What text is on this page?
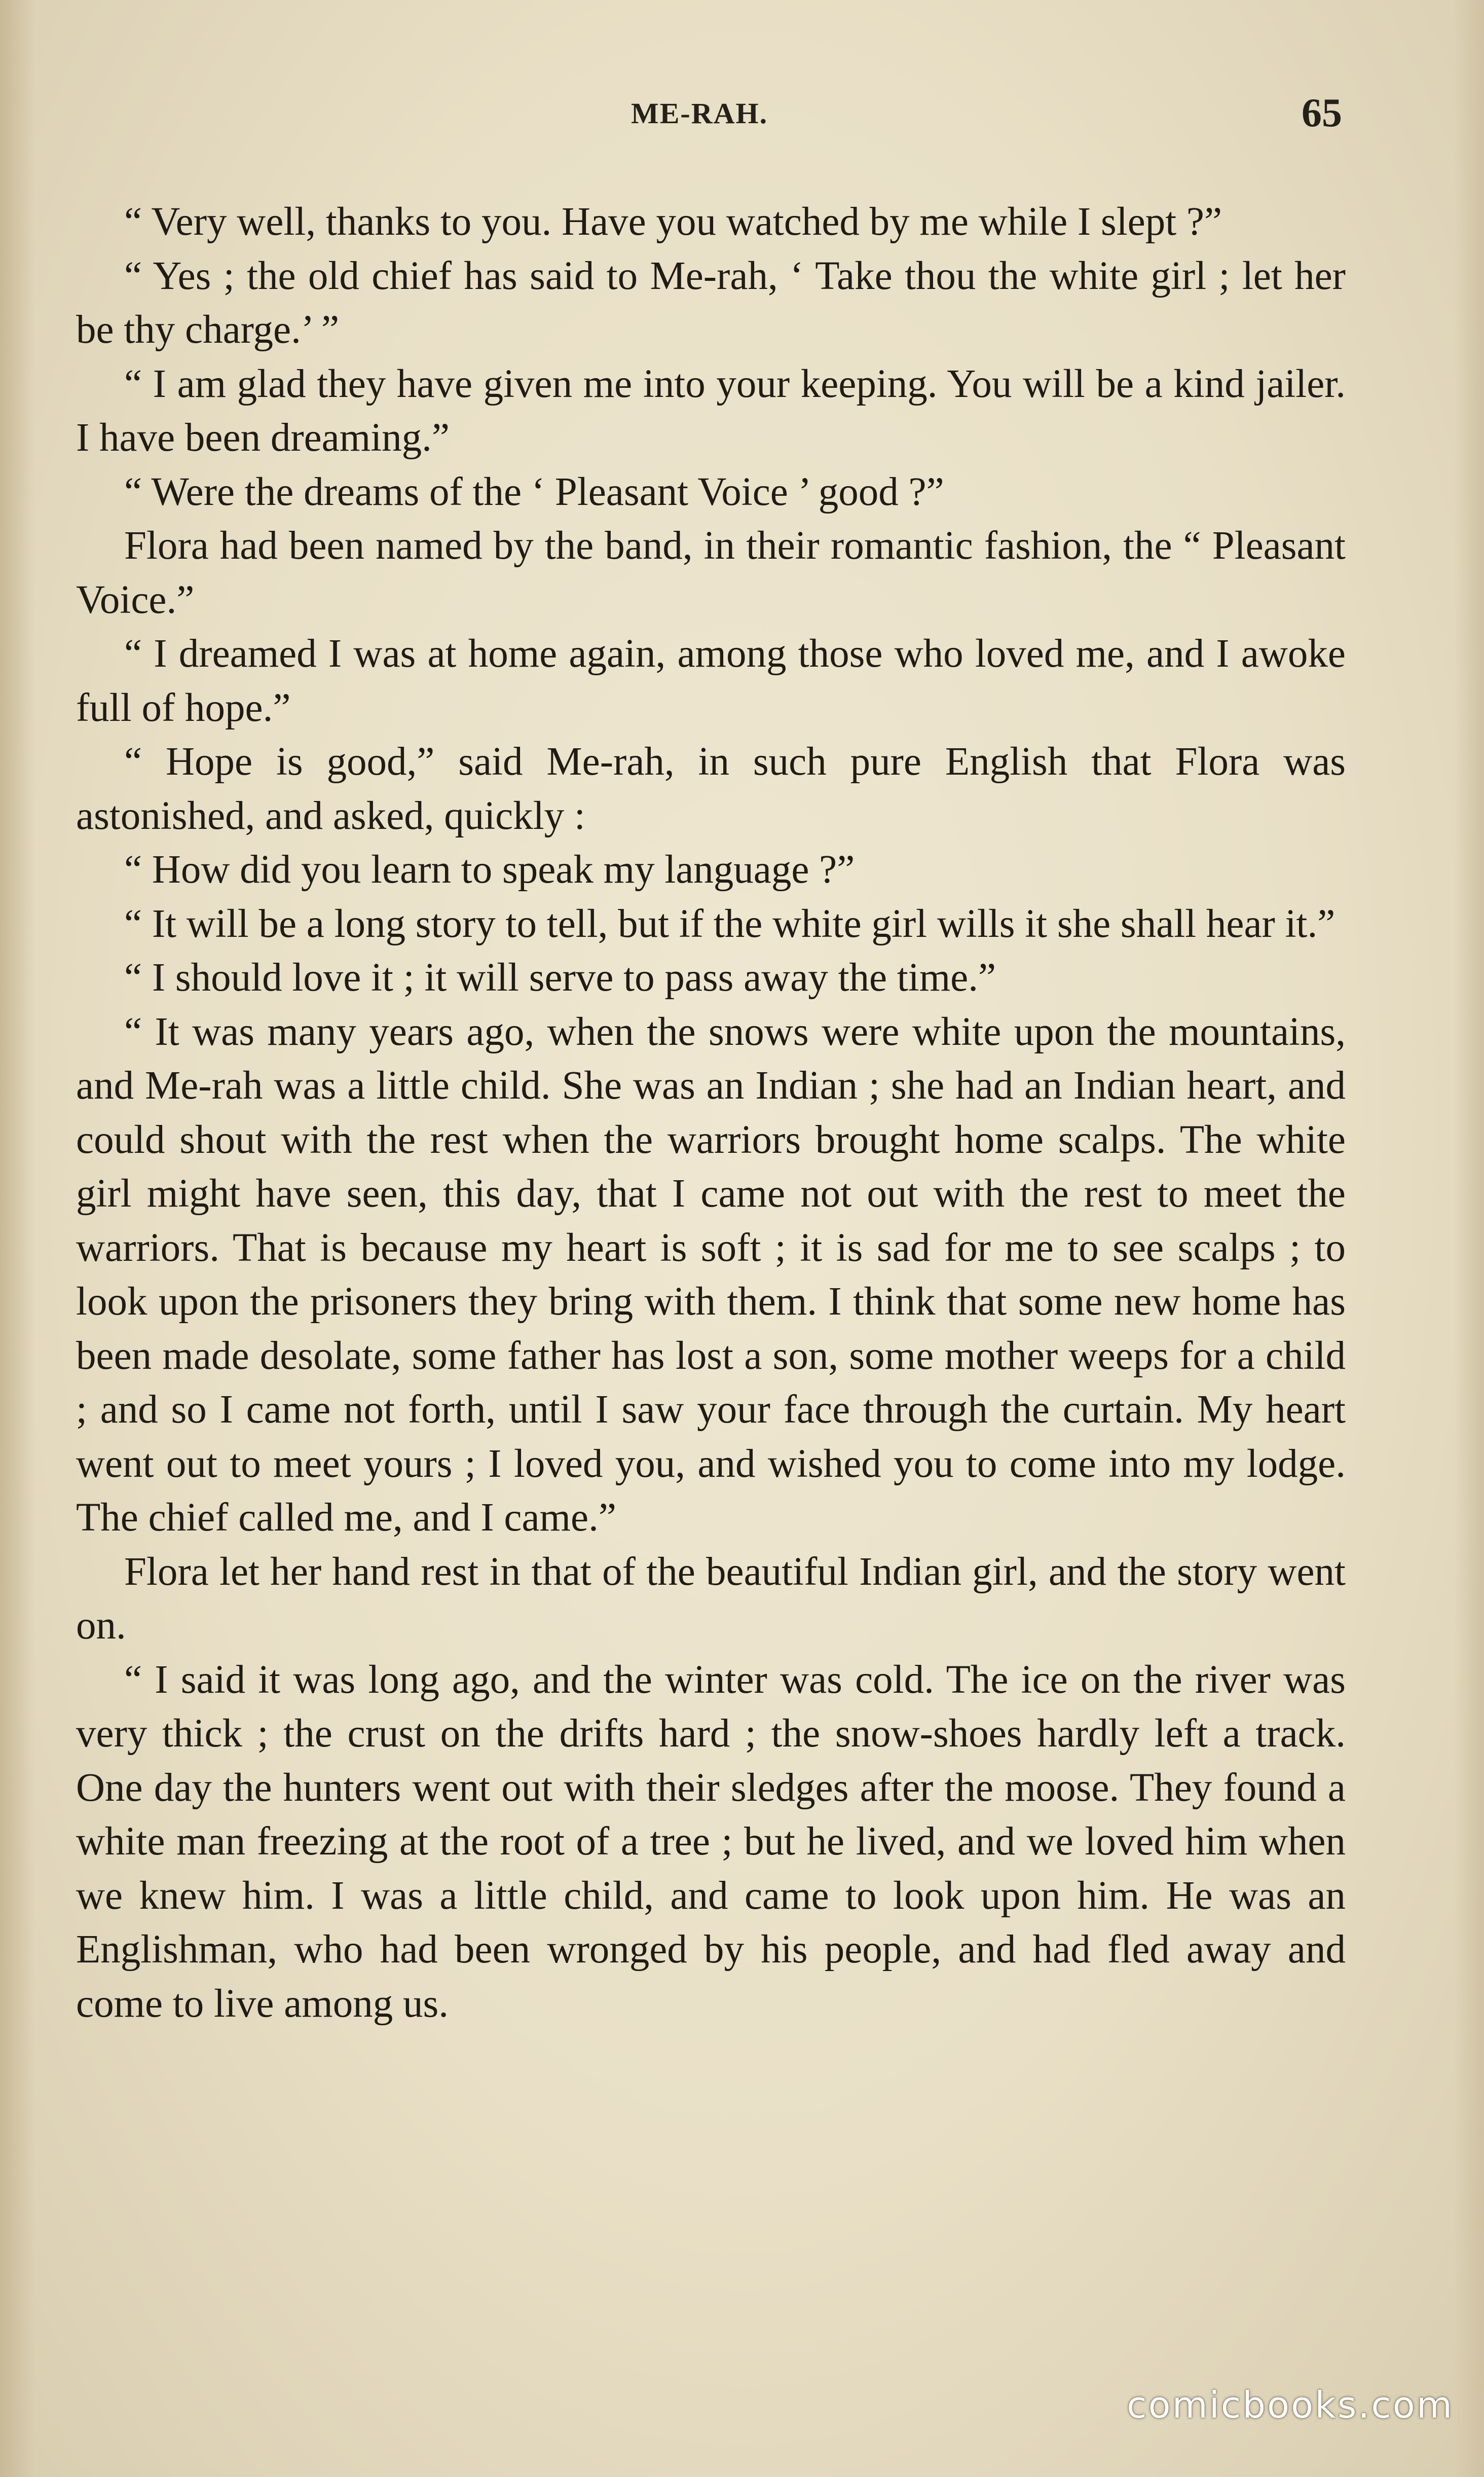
ME-RAH.	65

“ Very well, thanks to you. Have you watched by me while I slept ?”

“ Yes ; the old chief has said to Me-rah, ‘ Take thou the white girl ; let her be thy charge.’ ”

“ I am glad they have given me into your keeping. You will be a kind jailer. I have been dreaming.”

“ Were the dreams of the ‘ Pleasant Voice ’ good ?”

Flora had been named by the band, in their romantic fashion, the “ Pleasant Voice.”

“ I dreamed I was at home again, among those who loved me, and I awoke full of hope.”

“ Hope is good,” said Me-rah, in such pure English that Flora was astonished, and asked, quickly :

“ How did you learn to speak my language ?”

“ It will be a long story to tell, but if the white girl wills it she shall hear it.”

“ I should love it ; it will serve to pass away the time.”

“ It was many years ago, when the snows were white upon the mountains, and Me-rah was a little child. She was an Indian ; she had an Indian heart, and could shout with the rest when the warriors brought home scalps. The white girl might have seen, this day, that I came not out with the rest to meet the warriors. That is because my heart is soft ; it is sad for me to see scalps ; to look upon the prisoners they bring with them. I think that some new home has been made desolate, some father has lost a son, some mother weeps for a child ; and so I came not forth, until I saw your face through the curtain. My heart went out to meet yours ; I loved you, and wished you to come into my lodge. The chief called me, and I came.”

Flora let her hand rest in that of the beautiful Indian girl, and the story went on.

“ I said it was long ago, and the winter was cold. The ice on the river was very thick ; the crust on the drifts hard ; the snow-shoes hardly left a track. One day the hunters went out with their sledges after the moose. They found a white man freezing at the root of a tree ; but he lived, and we loved him when we knew him. I was a little child, and came to look upon him. He was an Englishman, who had been wronged by his people, and had fled away and come to live among us.

comicbooks.com
